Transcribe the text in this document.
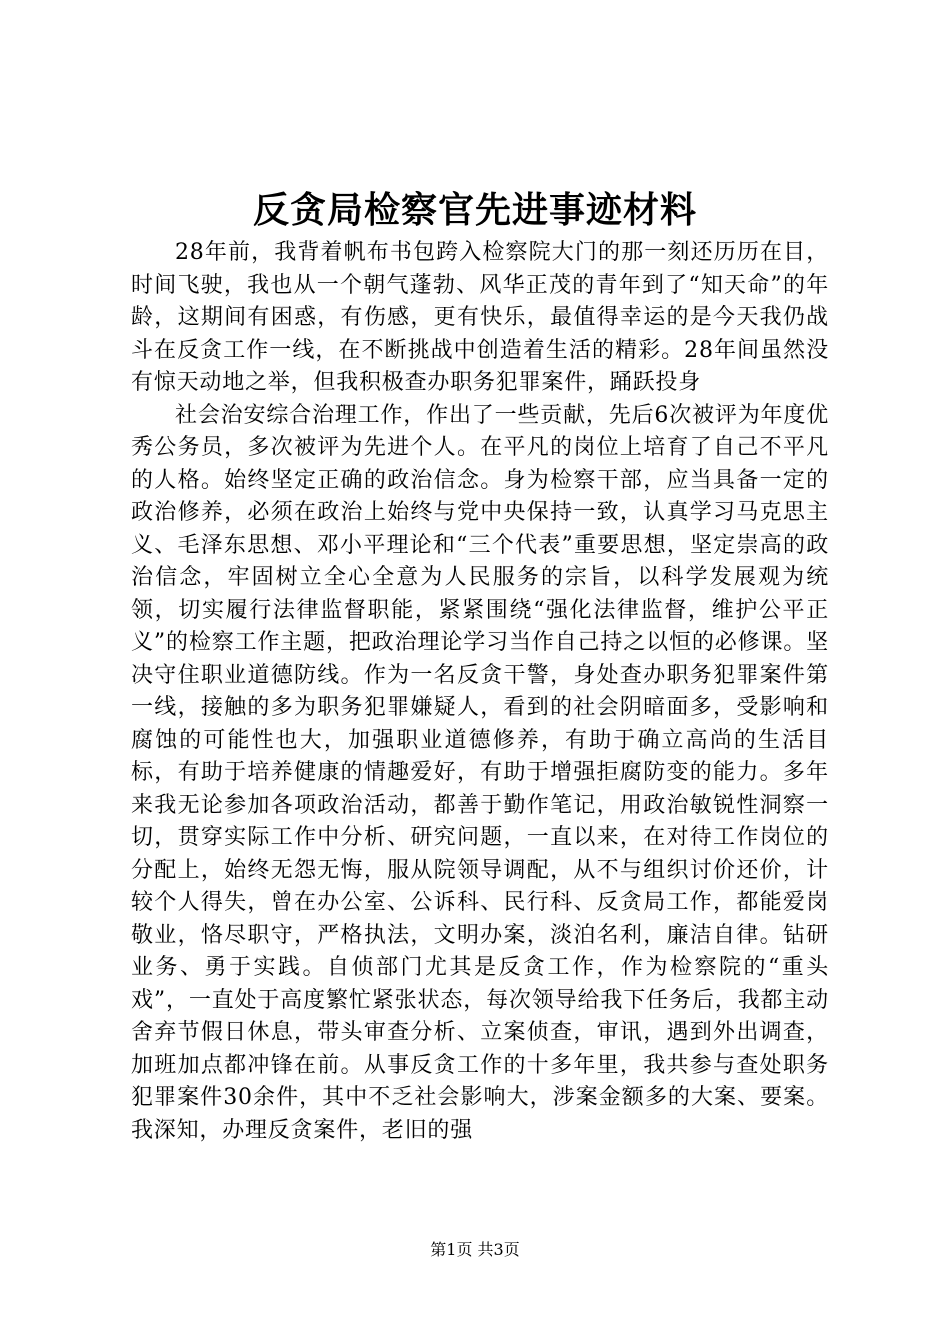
反贪局检察官先进事迹材料

28年前，我背着帆布书包跨入检察院大门的那一刻还历历在目，时间飞驶，我也从一个朝气蓬勃、风华正茂的青年到了“知天命”的年龄，这期间有困惑，有伤感，更有快乐，最值得幸运的是今天我仍战斗在反贪工作一线，在不断挑战中创造着生活的精彩。28年间虽然没有惊天动地之举，但我积极查办职务犯罪案件，踊跃投身

社会治安综合治理工作，作出了一些贡献，先后6次被评为年度优秀公务员，多次被评为先进个人。在平凡的岗位上培育了自己不平凡的人格。始终坚定正确的政治信念。身为检察干部，应当具备一定的政治修养，必须在政治上始终与党中央保持一致，认真学习马克思主义、毛泽东思想、邓小平理论和“三个代表”重要思想，坚定崇高的政治信念，牢固树立全心全意为人民服务的宗旨，以科学发展观为统领，切实履行法律监督职能，紧紧围绕“强化法律监督，维护公平正义”的检察工作主题，把政治理论学习当作自己持之以恒的必修课。坚决守住职业道德防线。作为一名反贪干警，身处查办职务犯罪案件第一线，接触的多为职务犯罪嫌疑人，看到的社会阴暗面多，受影响和腐蚀的可能性也大，加强职业道德修养，有助于确立高尚的生活目标，有助于培养健康的情趣爱好，有助于增强拒腐防变的能力。多年来我无论参加各项政治活动，都善于勤作笔记，用政治敏锐性洞察一切，贯穿实际工作中分析、研究问题，一直以来，在对待工作岗位的分配上，始终无怨无悔，服从院领导调配，从不与组织讨价还价，计较个人得失，曾在办公室、公诉科、民行科、反贪局工作，都能爱岗敬业，恪尽职守，严格执法，文明办案，淡泊名利，廉洁自律。钻研业务、勇于实践。自侦部门尤其是反贪工作，作为检察院的“重头戏”，一直处于高度繁忙紧张状态，每次领导给我下任务后，我都主动舍弃节假日休息，带头审查分析、立案侦查，审讯，遇到外出调查，加班加点都冲锋在前。从事反贪工作的十多年里，我共参与查处职务犯罪案件30余件，其中不乏社会影响大，涉案金额多的大案、要案。我深知，办理反贪案件，老旧的强

第1页 共3页
